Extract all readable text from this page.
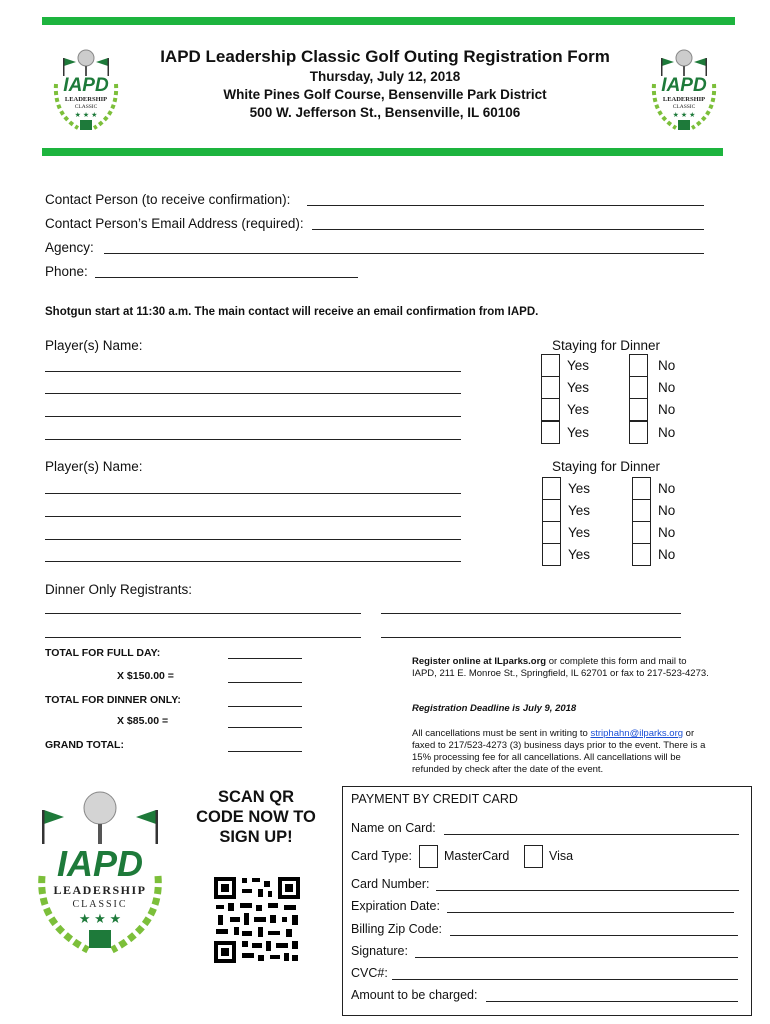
IAPD
LEADERSHIP
CLASSIC
★ ★ ★
IAPD
LEADERSHIP
CLASSIC
★ ★ ★
IAPD Leadership Classic Golf Outing Registration Form
Thursday, July 12, 2018
White Pines Golf Course, Bensenville Park District
500 W. Jefferson St., Bensenville, IL 60106
Contact Person (to receive confirmation):
Contact Person’s Email Address (required):
Agency:
Phone:
Shotgun start at 11:30 a.m. The main contact will receive an email confirmation from IAPD.
Player(s) Name:	Staying for Dinner
Yes	No
Yes	No
Yes	No
Yes	No
Player(s) Name:	Staying for Dinner
Yes	No
Yes	No
Yes	No
Yes	No
Dinner Only Registrants:
TOTAL FOR FULL DAY:
X $150.00 =
TOTAL FOR DINNER ONLY:
X $85.00 =
GRAND TOTAL:
Register online at ILparks.org or complete this form and mail to IAPD, 211 E. Monroe St., Springfield, IL 62701 or fax to 217-523-4273.
Registration Deadline is July 9, 2018
All cancellations must be sent in writing to striphahn@ilparks.org or faxed to 217/523-4273 (3) business days prior to the event. There is a 15% processing fee for all cancellations. All cancellations will be refunded by check after the date of the event.
IAPD
LEADERSHIP
CLASSIC
★ ★ ★
SCAN QR CODE NOW TO SIGN UP!
PAYMENT BY CREDIT CARD
Name on Card:
Card Type:	MasterCard	Visa
Card Number:
Expiration Date:
Billing Zip Code:
Signature:
CVC#:
Amount to be charged:
